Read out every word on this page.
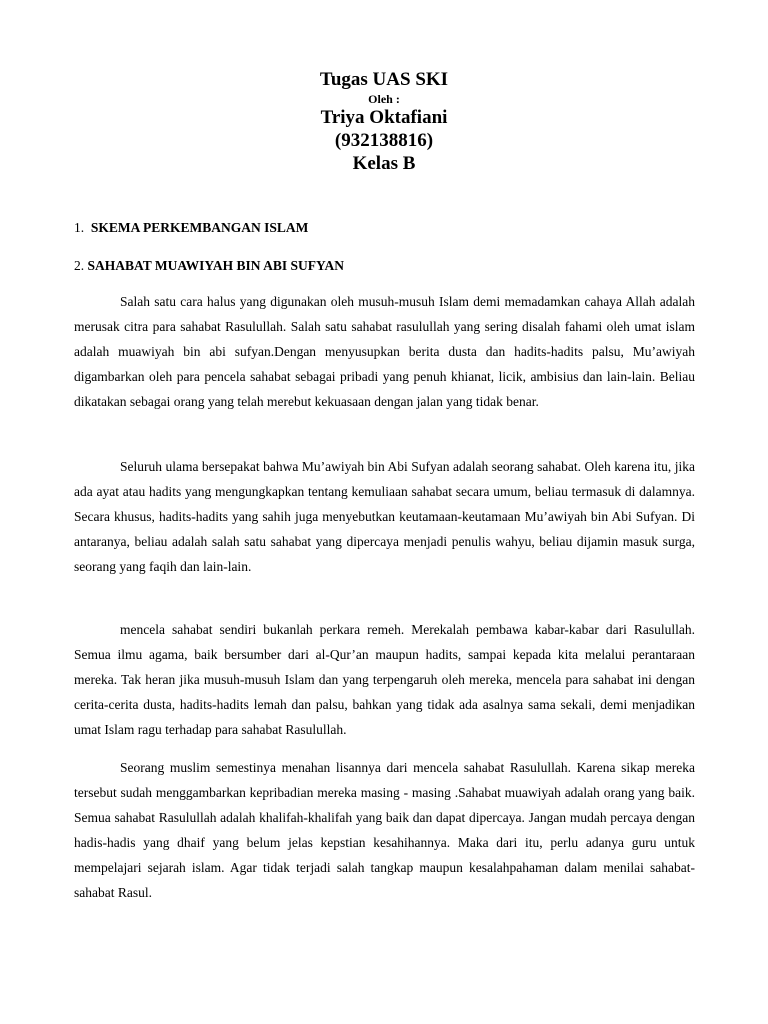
Tugas UAS SKI

Oleh :

Triya Oktafiani

(932138816)

Kelas B

1. SKEMA PERKEMBANGAN ISLAM

2. SAHABAT MUAWIYAH BIN ABI SUFYAN

Salah satu cara halus yang digunakan oleh musuh-musuh Islam demi memadamkan cahaya Allah adalah merusak citra para sahabat Rasulullah. Salah satu sahabat rasulullah yang sering disalah fahami oleh umat islam adalah muawiyah bin abi sufyan.Dengan menyusupkan berita dusta dan hadits-hadits palsu, Mu’awiyah digambarkan oleh para pencela sahabat sebagai pribadi yang penuh khianat, licik, ambisius dan lain-lain. Beliau dikatakan sebagai orang yang telah merebut kekuasaan dengan jalan yang tidak benar.

Seluruh ulama bersepakat bahwa Mu’awiyah bin Abi Sufyan adalah seorang sahabat. Oleh karena itu, jika ada ayat atau hadits yang mengungkapkan tentang kemuliaan sahabat secara umum, beliau termasuk di dalamnya. Secara khusus, hadits-hadits yang sahih juga menyebutkan keutamaan-keutamaan Mu’awiyah bin Abi Sufyan. Di antaranya, beliau adalah salah satu sahabat yang dipercaya menjadi penulis wahyu, beliau dijamin masuk surga, seorang yang faqih dan lain-lain.

mencela sahabat sendiri bukanlah perkara remeh. Merekalah pembawa kabar-kabar dari Rasulullah. Semua ilmu agama, baik bersumber dari al-Qur’an maupun hadits, sampai kepada kita melalui perantaraan mereka. Tak heran jika musuh-musuh Islam dan yang terpengaruh oleh mereka, mencela para sahabat ini dengan cerita-cerita dusta, hadits-hadits lemah dan palsu, bahkan yang tidak ada asalnya sama sekali, demi menjadikan umat Islam ragu terhadap para sahabat Rasulullah.

Seorang muslim semestinya menahan lisannya dari mencela sahabat Rasulullah. Karena sikap mereka tersebut sudah menggambarkan kepribadian mereka masing - masing .Sahabat muawiyah adalah orang yang baik. Semua sahabat Rasulullah adalah khalifah-khalifah yang baik dan dapat dipercaya. Jangan mudah percaya dengan hadis-hadis yang dhaif yang belum jelas kepstian kesahihannya. Maka dari itu, perlu adanya guru untuk mempelajari sejarah islam. Agar tidak terjadi salah tangkap maupun kesalahpahaman dalam menilai sahabat-sahabat Rasul.
